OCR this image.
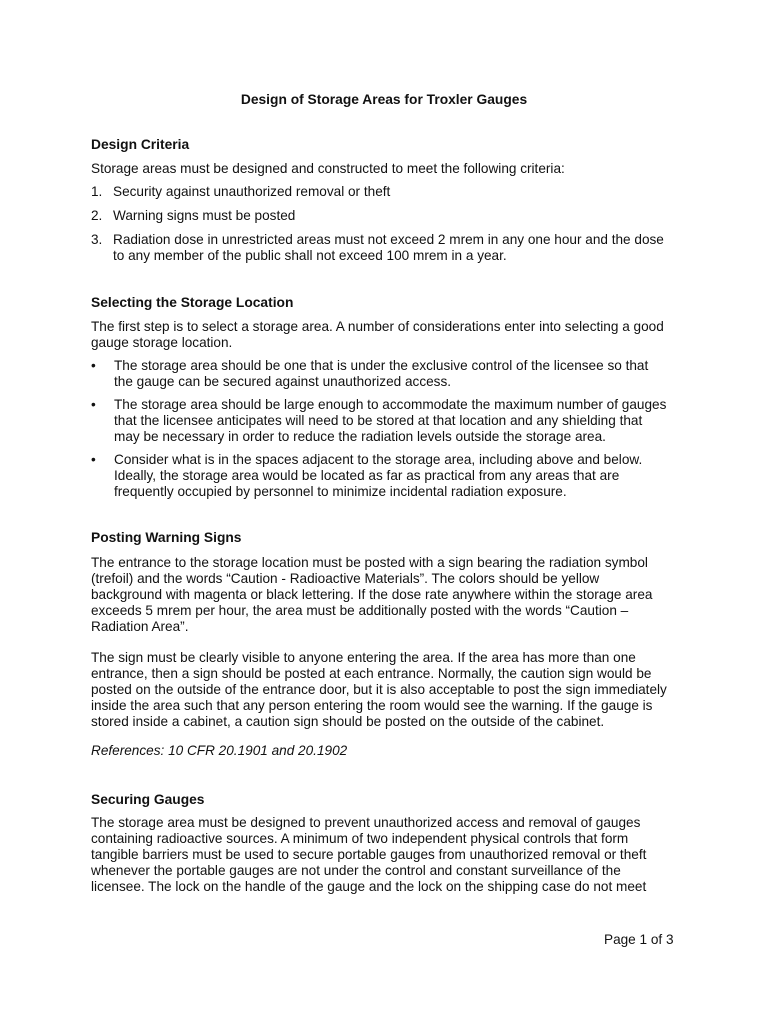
Design of Storage Areas for Troxler Gauges
Design Criteria

Storage areas must be designed and constructed to meet the following criteria:

1. Security against unauthorized removal or theft
2. Warning signs must be posted
3. Radiation dose in unrestricted areas must not exceed 2 mrem in any one hour and the dose
to any member of the public shall not exceed 100 mrem in a year.
Selecting the Storage Location

The first step is to select a storage area. A number of considerations enter into selecting a good
gauge storage location.

• The storage area should be one that is under the exclusive control of the licensee so that
the gauge can be secured against unauthorized access.
• The storage area should be large enough to accommodate the maximum number of gauges
that the licensee anticipates will need to be stored at that location and any shielding that
may be necessary in order to reduce the radiation levels outside the storage area.
• Consider what is in the spaces adjacent to the storage area, including above and below.
Ideally, the storage area would be located as far as practical from any areas that are
frequently occupied by personnel to minimize incidental radiation exposure.
Posting Warning Signs

The entrance to the storage location must be posted with a sign bearing the radiation symbol
(trefoil) and the words “Caution - Radioactive Materials”. The colors should be yellow
background with magenta or black lettering. If the dose rate anywhere within the storage area
exceeds 5 mrem per hour, the area must be additionally posted with the words “Caution –
Radiation Area”.

The sign must be clearly visible to anyone entering the area. If the area has more than one
entrance, then a sign should be posted at each entrance. Normally, the caution sign would be
posted on the outside of the entrance door, but it is also acceptable to post the sign immediately
inside the area such that any person entering the room would see the warning. If the gauge is
stored inside a cabinet, a caution sign should be posted on the outside of the cabinet.

References: 10 CFR 20.1901 and 20.1902

Securing Gauges

The storage area must be designed to prevent unauthorized access and removal of gauges
containing radioactive sources. A minimum of two independent physical controls that form
tangible barriers must be used to secure portable gauges from unauthorized removal or theft
whenever the portable gauges are not under the control and constant surveillance of the
licensee. The lock on the handle of the gauge and the lock on the shipping case do not meet

Page 1 of 3
